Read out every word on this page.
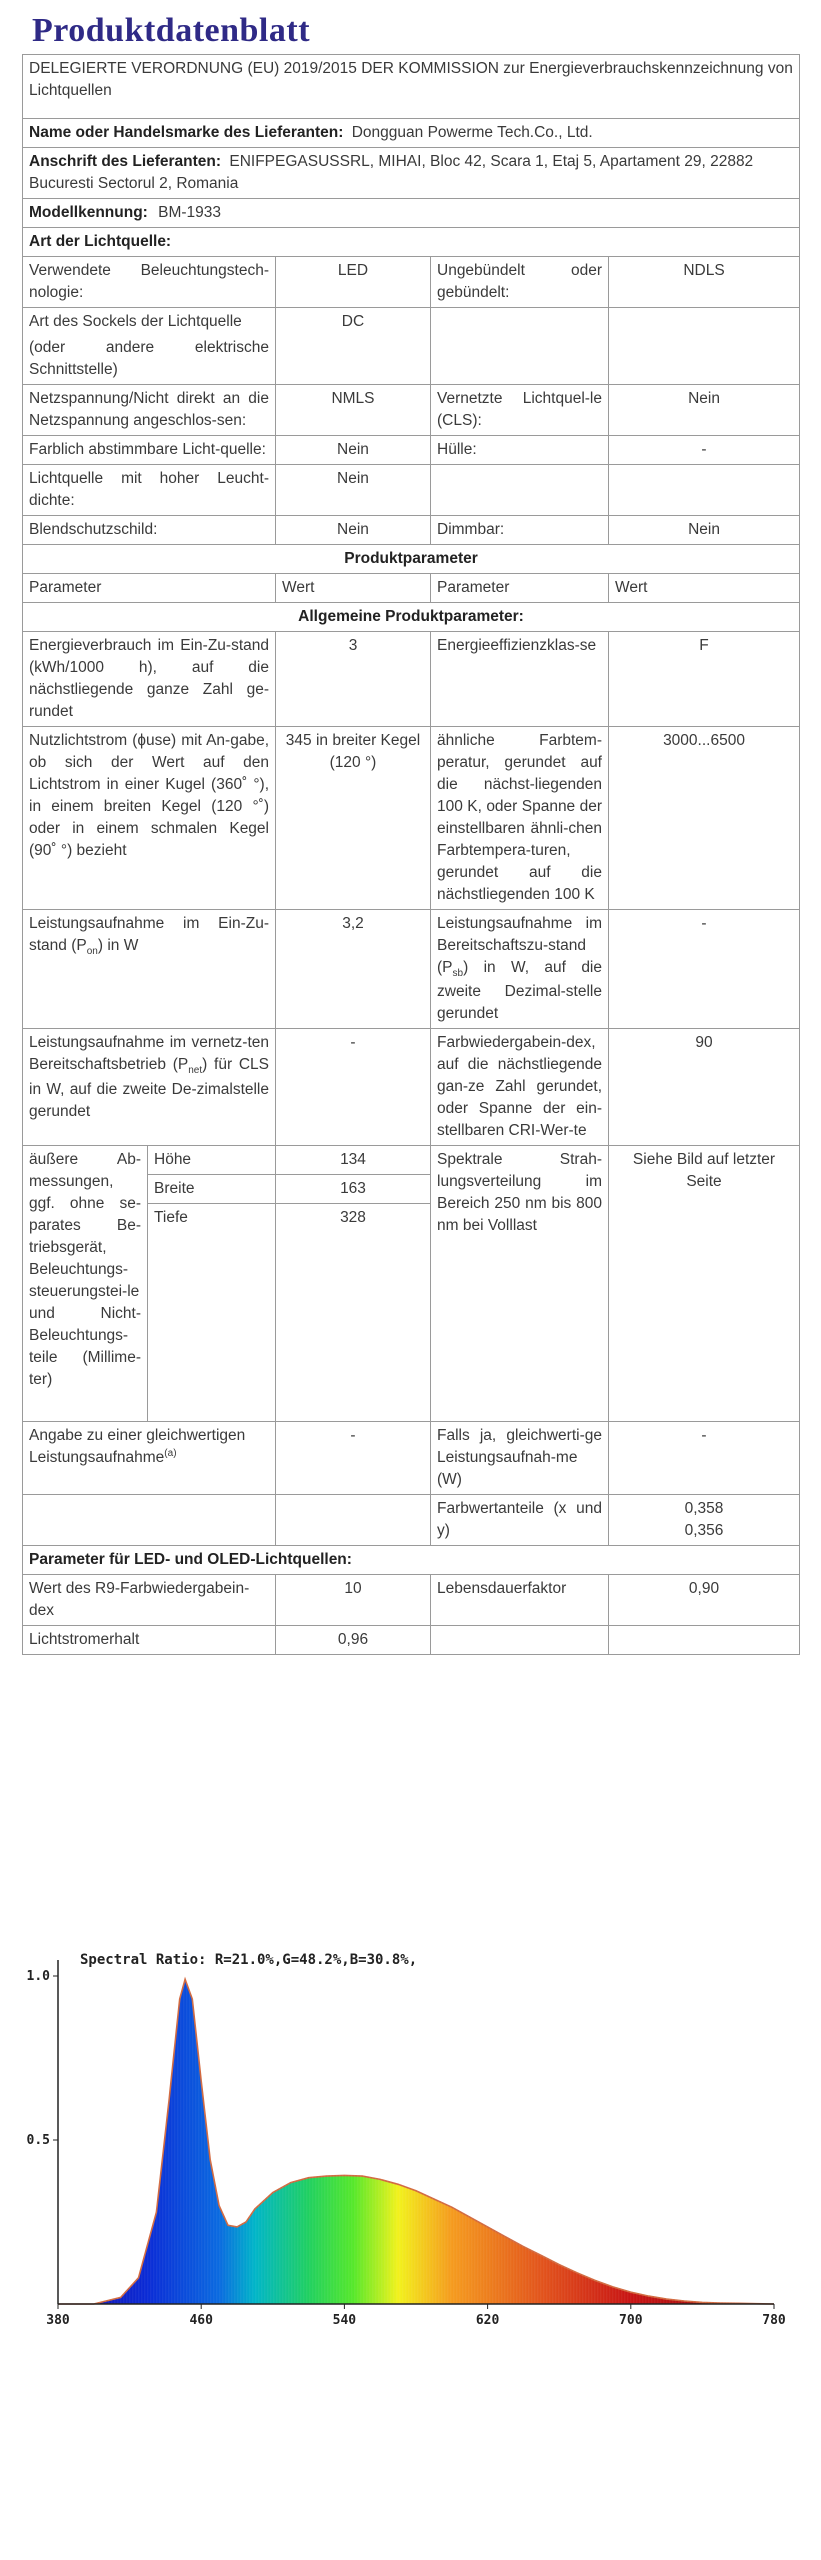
Produktdatenblatt
DELEGIERTE VERORDNUNG (EU) 2019/2015 DER KOMMISSION zur Energieverbrauchskennzeichnung von Lichtquellen				
Name oder Handelsmarke des Lieferanten: Dongguan Powerme Tech.Co., Ltd.				
Anschrift des Lieferanten: ENIFPEGASUSSRL, MIHAI, Bloc 42, Scara 1, Etaj 5, Apartament 29, 22882 Bucuresti Sectorul 2, Romania				
Modellkennung: BM-1933				
Art der Lichtquelle:				
Verwendete Beleuchtungstech-nologie:		LED	Ungebündelt oder gebündelt:	NDLS

Art des Sockels der Lichtquelle
(oder andere elektrische Schnittstelle)		DC		
Netzspannung/Nicht direkt an die Netzspannung angeschlos-sen:		NMLS	Vernetzte Lichtquel-le (CLS):	Nein
Farblich abstimmbare Licht-quelle:		Nein	Hülle:	-
Lichtquelle mit hoher Leucht-dichte:		Nein		
Blendschutzschild:		Nein	Dimmbar:	Nein
Produktparameter				
Parameter		Wert	Parameter	Wert
Allgemeine Produktparameter:				
Energieverbrauch im Ein-Zu-stand (kWh/1000 h), auf die nächstliegende ganze Zahl ge-rundet		3	Energieeffizienzklas-se	F
Nutzlichtstrom (ɸuse) mit An-gabe, ob sich der Wert auf den Lichtstrom in einer Kugel (360˚ °), in einem breiten Kegel (120 °˚) oder in einem schmalen Kegel (90˚ °) bezieht		345 in breiter Kegel (120 °)	ähnliche Farbtem-peratur, gerundet auf die nächst-liegenden 100 K, oder Spanne der einstellbaren ähnli-chen Farbtempera-turen, gerundet auf die nächstliegenden 100 K	3000...6500
Leistungsaufnahme im Ein-Zu-stand $(P_{on})$ in W		3,2	Leistungsaufnahme im Bereitschaftszu-stand $(P_{sb})$ in W, auf die zweite Dezimal-stelle gerundet	-
Leistungsaufnahme im vernetz-ten Bereitschaftsbetrieb $(P_{net})$ für CLS in W, auf die zweite De-zimalstelle gerundet		-	Farbwiedergabein-dex, auf die nächstliegende gan-ze Zahl gerundet, oder Spanne der ein-stellbaren CRI-Wer-te	90
äußere Ab-messungen, ggf. ohne se-parates Be-triebsgerät, Beleuchtungs-steuerungstei-le und Nicht-Beleuchtungs-teile (Millime-ter)	Höhe	134	Spektrale Strah-lungsverteilung im Bereich 250 nm bis 800 nm bei Volllast	Siehe Bild auf letzter Seite
	Breite	163		
	Tiefe	328		
Angabe zu einer gleichwertigen Leistungsaufnahme$^{(a)}$		-	Falls ja, gleichwerti-ge Leistungsaufnah-me (W)	-
			Farbwertanteile (x und y)	0,358
0,356

Parameter für LED- und OLED-Lichtquellen:				
Wert des R9-Farbwiedergabein-dex		10	Lebensdauerfaktor	0,90
Lichtstromerhalt		0,96		
380	460	540	620	700	780
1.0
0.5
Spectral Ratio: R=21.0%,G=48.2%,B=30.8%,
